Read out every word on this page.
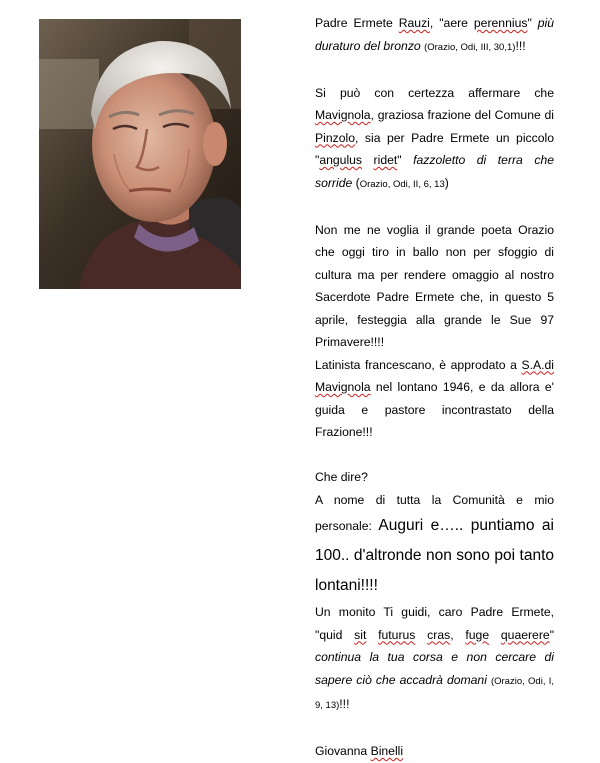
Padre Ermete Rauzi, "aere perennius" più duraturo del bronzo (Orazio, Odi, III, 30,1)!!!

Si può con certezza affermare che Mavignola, graziosa frazione del Comune di Pinzolo, sia per Padre Ermete un piccolo "angulus ridet" fazzoletto di terra che sorride (Orazio, Odi, II, 6, 13)

Non me ne voglia il grande poeta Orazio che oggi tiro in ballo non per sfoggio di cultura ma per rendere omaggio al nostro Sacerdote Padre Ermete che, in questo 5 aprile, festeggia alla grande le Sue 97 Primavere!!!!

Latinista francescano, è approdato a S.A.di Mavignola nel lontano 1946, e da allora e' guida e pastore incontrastato della Frazione!!!

Che dire?

A nome di tutta la Comunità e mio personale: Auguri e….. puntiamo ai 100.. d'altronde non sono poi tanto lontani!!!!

Un monito Ti guidi, caro Padre Ermete, "quid sit futurus cras, fuge quaerere" continua la tua corsa e non cercare di sapere ciò che accadrà domani (Orazio, Odi, I, 9, 13)!!!

Giovanna Binelli
